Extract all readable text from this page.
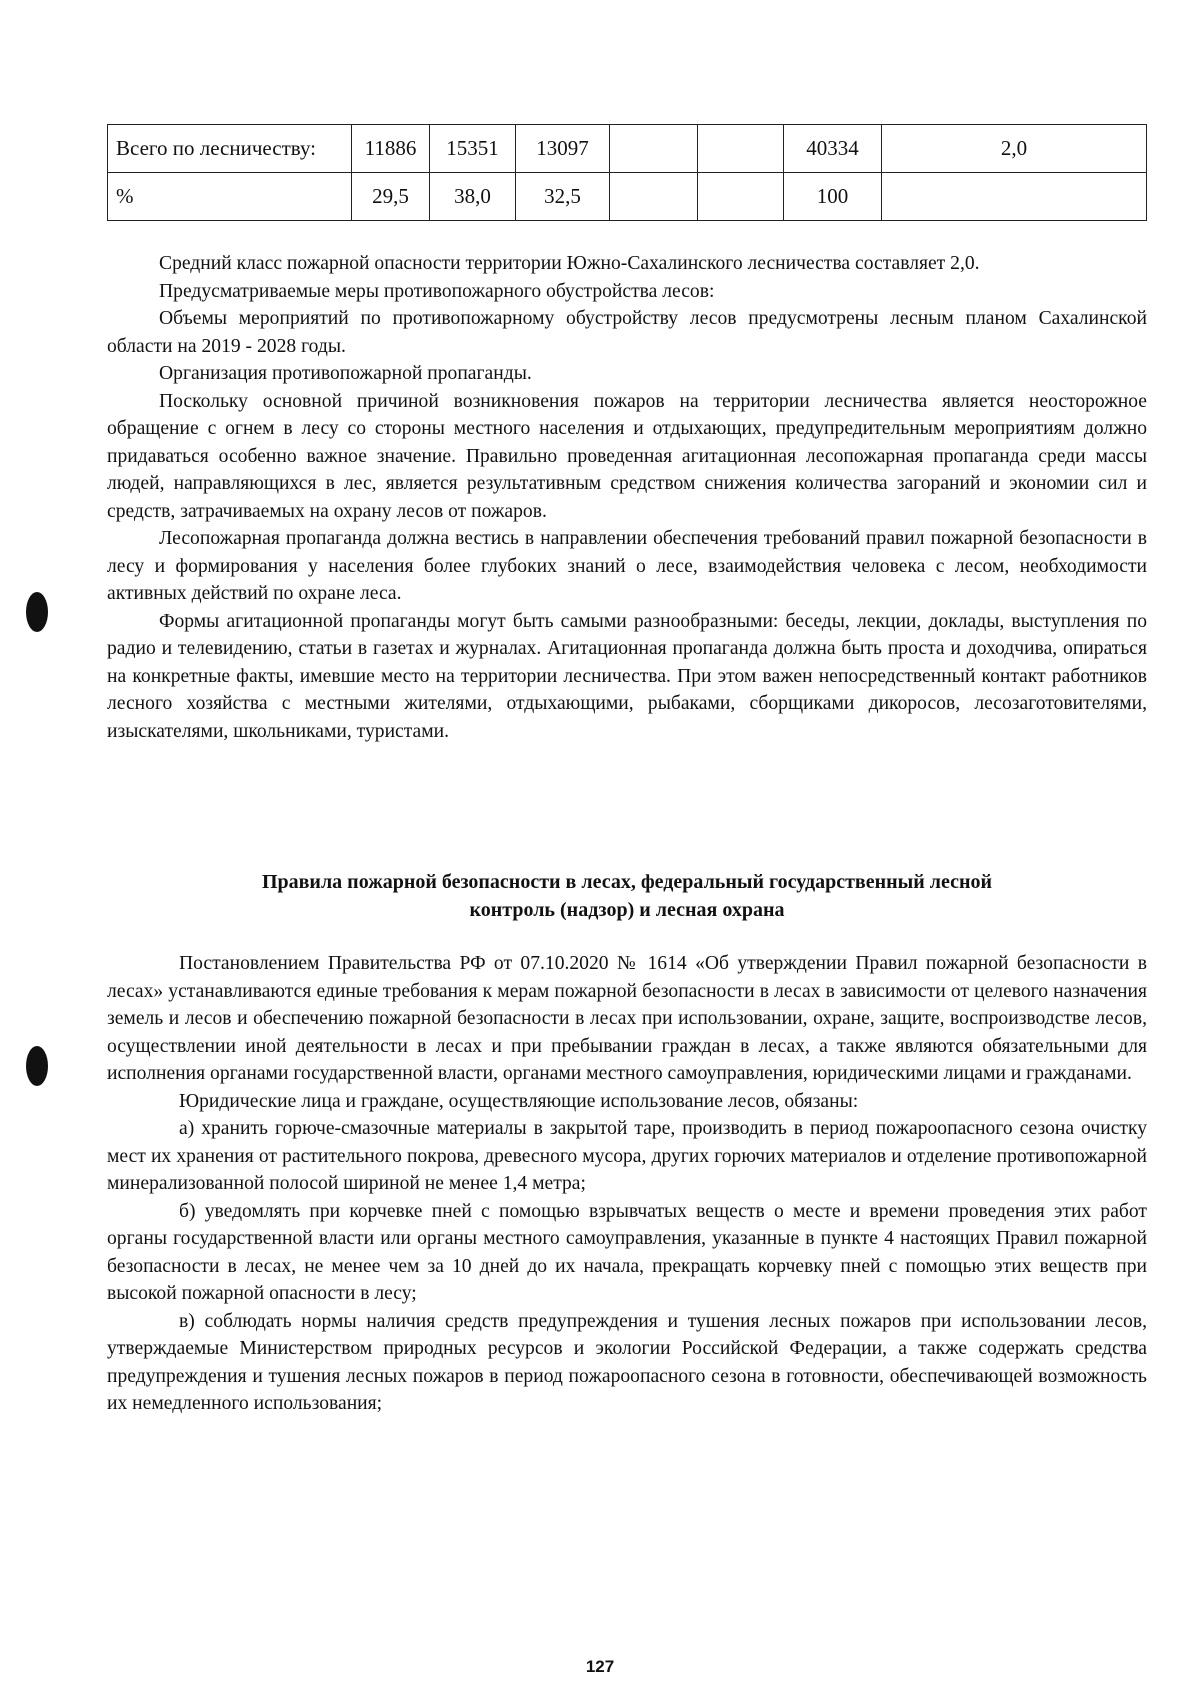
Всего по лесничеству:	11886	15351	13097			40334	2,0
%	29,5	38,0	32,5			100	

Средний класс пожарной опасности территории Южно-Сахалинского лесничества составляет 2,0.

Предусматриваемые меры противопожарного обустройства лесов:

Объемы мероприятий по противопожарному обустройству лесов предусмотрены лесным планом Сахалинской области на 2019 - 2028 годы.

Организация противопожарной пропаганды.

Поскольку основной причиной возникновения пожаров на территории лесничества является неосторожное обращение с огнем в лесу со стороны местного населения и отдыхающих, предупредительным мероприятиям должно придаваться особенно важное значение. Правильно проведенная агитационная лесопожарная пропаганда среди массы людей, направляющихся в лес, является результативным средством снижения количества загораний и экономии сил и средств, затрачиваемых на охрану лесов от пожаров.

Лесопожарная пропаганда должна вестись в направлении обеспечения требований правил пожарной безопасности в лесу и формирования у населения более глубоких знаний о лесе, взаимодействия человека с лесом, необходимости активных действий по охране леса.

Формы агитационной пропаганды могут быть самыми разнообразными: беседы, лекции, доклады, выступления по радио и телевидению, статьи в газетах и журналах. Агитационная пропаганда должна быть проста и доходчива, опираться на конкретные факты, имевшие место на территории лесничества. При этом важен непосредственный контакт работников лесного хозяйства с местными жителями, отдыхающими, рыбаками, сборщиками дикоросов, лесозаготовителями, изыскателями, школьниками, туристами.

Правила пожарной безопасности в лесах, федеральный государственный лесной
контроль (надзор) и лесная охрана

Постановлением Правительства РФ от 07.10.2020 № 1614 «Об утверждении Правил пожарной безопасности в лесах» устанавливаются единые требования к мерам пожарной безопасности в лесах в зависимости от целевого назначения земель и лесов и обеспечению пожарной безопасности в лесах при использовании, охране, защите, воспроизводстве лесов, осуществлении иной деятельности в лесах и при пребывании граждан в лесах, а также являются обязательными для исполнения органами государственной власти, органами местного самоуправления, юридическими лицами и гражданами.

Юридические лица и граждане, осуществляющие использование лесов, обязаны:

а) хранить горюче-смазочные материалы в закрытой таре, производить в период пожароопасного сезона очистку мест их хранения от растительного покрова, древесного мусора, других горючих материалов и отделение противопожарной минерализованной полосой шириной не менее 1,4 метра;

б) уведомлять при корчевке пней с помощью взрывчатых веществ о месте и времени проведения этих работ органы государственной власти или органы местного самоуправления, указанные в пункте 4 настоящих Правил пожарной безопасности в лесах, не менее чем за 10 дней до их начала, прекращать корчевку пней с помощью этих веществ при высокой пожарной опасности в лесу;

в) соблюдать нормы наличия средств предупреждения и тушения лесных пожаров при использовании лесов, утверждаемые Министерством природных ресурсов и экологии Российской Федерации, а также содержать средства предупреждения и тушения лесных пожаров в период пожароопасного сезона в готовности, обеспечивающей возможность их немедленного использования;

127
